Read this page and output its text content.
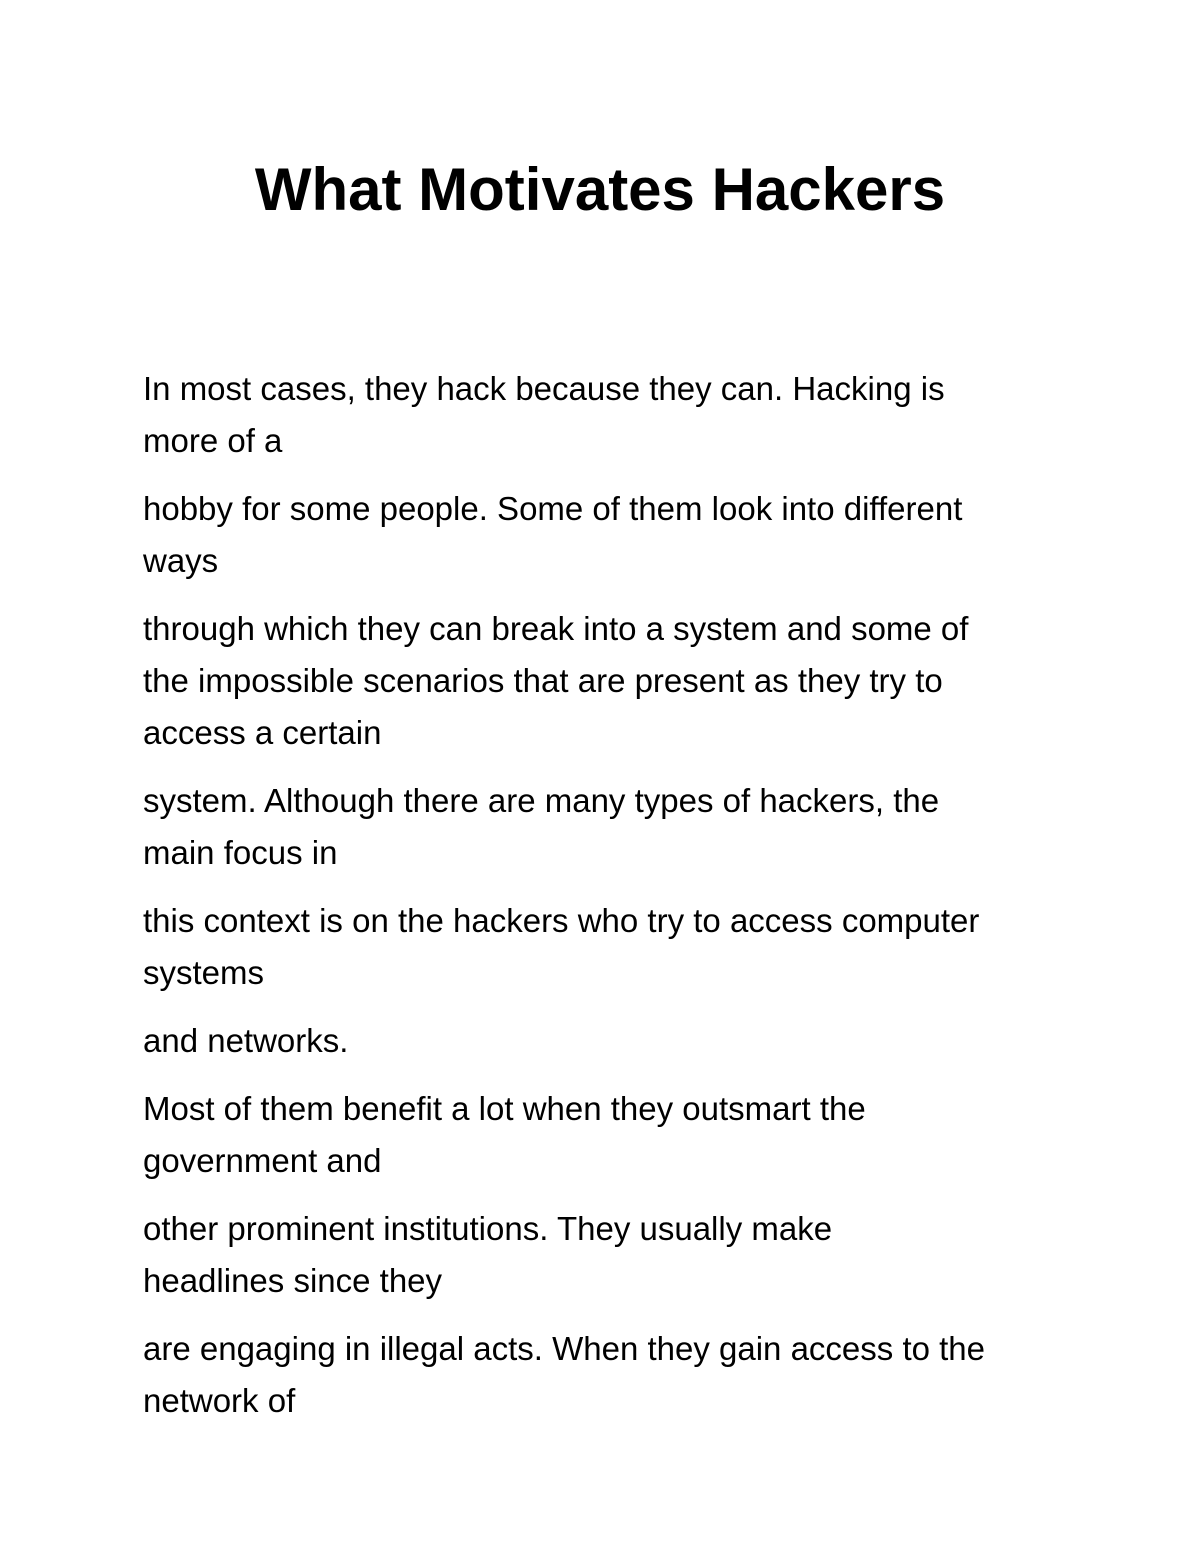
What Motivates Hackers

In most cases, they hack because they can. Hacking is
more of a

hobby for some people. Some of them look into different
ways

through which they can break into a system and some of
the impossible scenarios that are present as they try to
access a certain

system. Although there are many types of hackers, the
main focus in

this context is on the hackers who try to access computer
systems

and networks.

Most of them benefit a lot when they outsmart the
government and

other prominent institutions. They usually make
headlines since they

are engaging in illegal acts. When they gain access to the
network of
